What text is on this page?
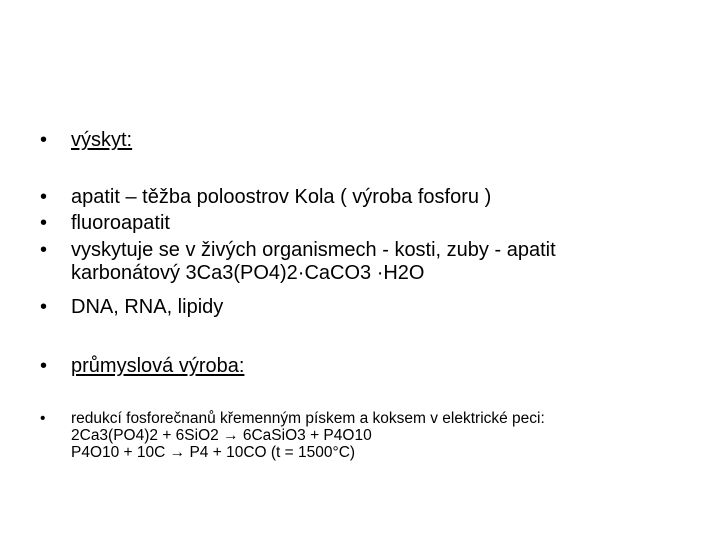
• výskyt:
• apatit – těžba poloostrov Kola ( výroba fosforu )
• fluoroapatit
• vyskytuje se v živých organismech - kosti, zuby - apatit
karbonátový 3Ca3(PO4)2·CaCO3 ·H2O
• DNA, RNA, lipidy
• průmyslová výroba:
• redukcí fosforečnanů křemenným pískem a koksem v elektrické peci:
2Ca3(PO4)2 + 6SiO2 → 6CaSiO3 + P4O10
P4O10 + 10C → P4 + 10CO (t = 1500°C)
